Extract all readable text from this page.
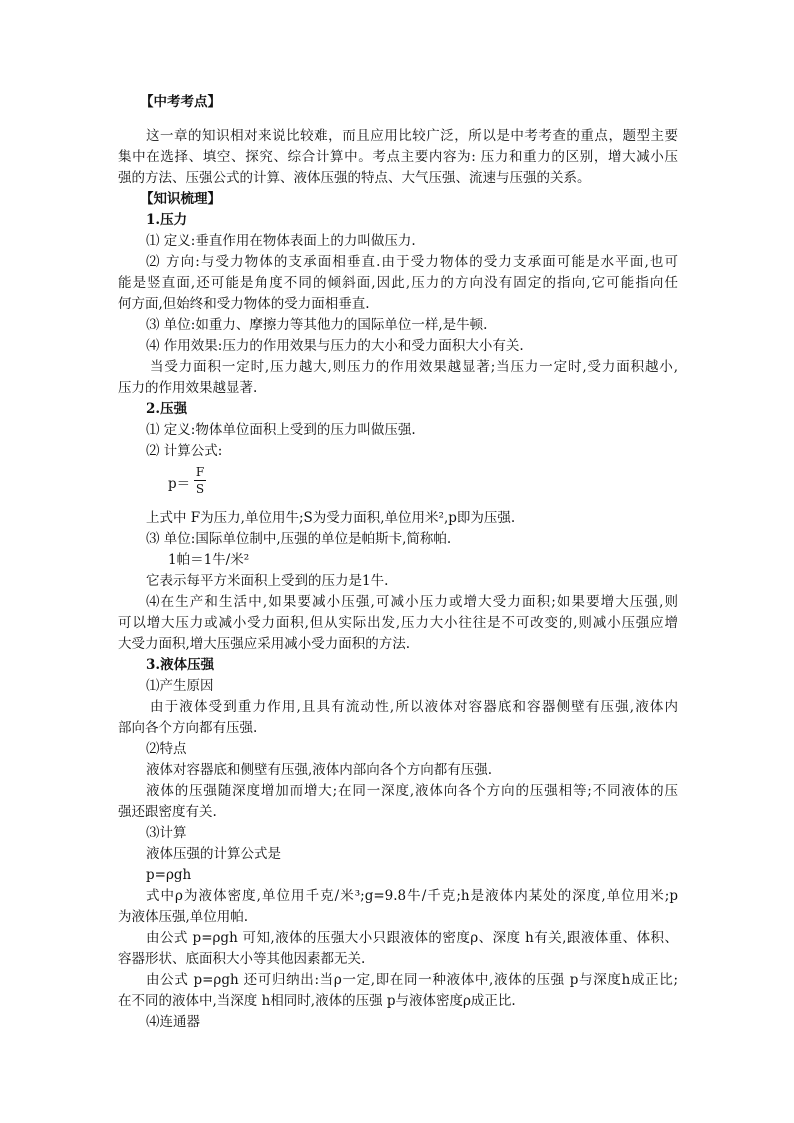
【中考考点】
这一章的知识相对来说比较难，而且应用比较广泛，所以是中考考查的重点，题型主要
集中在选择、填空、探究、综合计算中。考点主要内容为: 压力和重力的区别，增大减小压
强的方法、压强公式的计算、液体压强的特点、大气压强、流速与压强的关系。
【知识梳理】
1.压力
⑴ 定义:垂直作用在物体表面上的力叫做压力.
⑵ 方向:与受力物体的支承面相垂直.由于受力物体的受力支承面可能是水平面,也可
能是竖直面,还可能是角度不同的倾斜面,因此,压力的方向没有固定的指向,它可能指向任
何方面,但始终和受力物体的受力面相垂直.
⑶ 单位:如重力、摩擦力等其他力的国际单位一样,是牛顿.
⑷ 作用效果:压力的作用效果与压力的大小和受力面积大小有关.
当受力面积一定时,压力越大,则压力的作用效果越显著;当压力一定时,受力面积越小,
压力的作用效果越显著.
2.压强
⑴ 定义:物体单位面积上受到的压力叫做压强.
⑵ 计算公式:
$p= \frac{F}{S}$
上式中 F为压力,单位用牛;S为受力面积,单位用米²,p即为压强.
⑶ 单位:国际单位制中,压强的单位是帕斯卡,简称帕.
1帕＝1牛/米²
它表示每平方米面积上受到的压力是1牛.
⑷在生产和生活中,如果要减小压强,可减小压力或增大受力面积;如果要增大压强,则
可以增大压力或减小受力面积,但从实际出发,压力大小往往是不可改变的,则减小压强应增
大受力面积,增大压强应采用减小受力面积的方法.
3.液体压强
⑴产生原因
由于液体受到重力作用,且具有流动性,所以液体对容器底和容器侧壁有压强,液体内
部向各个方向都有压强.
⑵特点
液体对容器底和侧壁有压强,液体内部向各个方向都有压强.
液体的压强随深度增加而增大;在同一深度,液体向各个方向的压强相等;不同液体的压
强还跟密度有关.
⑶计算
液体压强的计算公式是
p=ρgh
式中ρ为液体密度,单位用千克/米³;g=9.8牛/千克;h是液体内某处的深度,单位用米;p
为液体压强,单位用帕.
由公式 p=ρgh 可知,液体的压强大小只跟液体的密度ρ、深度 h有关,跟液体重、体积、
容器形状、底面积大小等其他因素都无关.
由公式 p=ρgh 还可归纳出:当ρ一定,即在同一种液体中,液体的压强 p与深度h成正比;
在不同的液体中,当深度 h相同时,液体的压强 p与液体密度ρ成正比.
⑷连通器
